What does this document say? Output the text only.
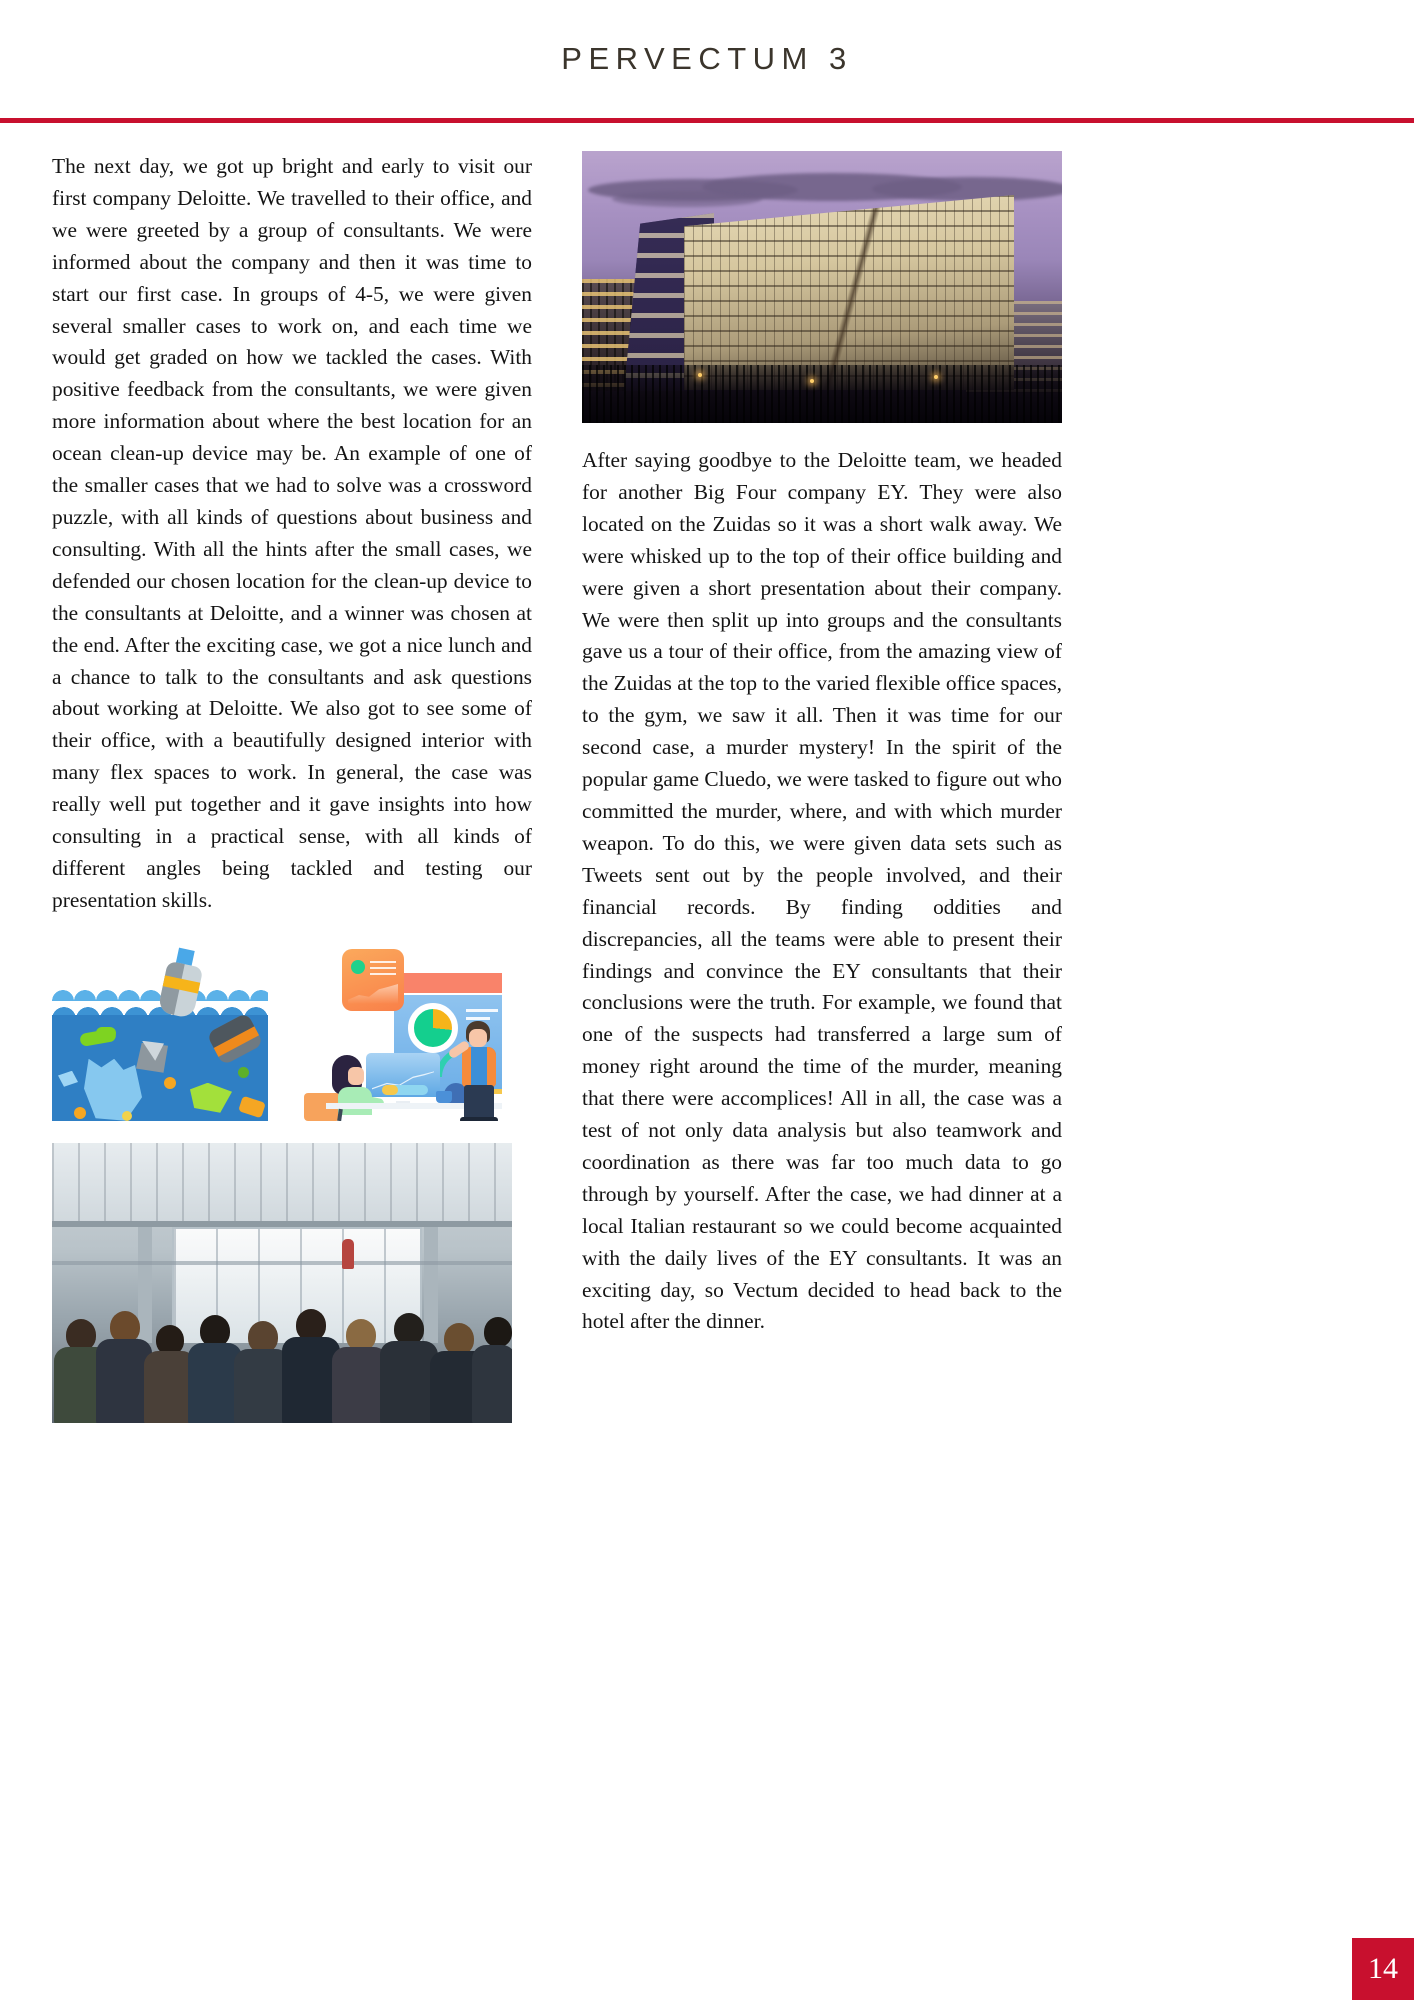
PERVECTUM 3

The next day, we got up bright and early to visit our first company Deloitte. We travelled to their office, and we were greeted by a group of consultants. We were informed about the company and then it was time to start our first case. In groups of 4-5, we were given several smaller cases to work on, and each time we would get graded on how we tackled the cases. With positive feedback from the consultants, we were given more information about where the best location for an ocean clean-up device may be. An example of one of the smaller cases that we had to solve was a crossword puzzle, with all kinds of questions about business and consulting. With all the hints after the small cases, we defended our chosen location for the clean-up device to the consultants at Deloitte, and a winner was chosen at the end. After the exciting case, we got a nice lunch and a chance to talk to the consultants and ask questions about working at Deloitte. We also got to see some of their office, with a beautifully designed interior with many flex spaces to work. In general, the case was really well put together and it gave insights into how consulting in a practical sense, with all kinds of different angles being tackled and testing our presentation skills.

After saying goodbye to the Deloitte team, we headed for another Big Four company EY. They were also located on the Zuidas so it was a short walk away. We were whisked up to the top of their office building and were given a short presentation about their company. We were then split up into groups and the consultants gave us a tour of their office, from the amazing view of the Zuidas at the top to the varied flexible office spaces, to the gym, we saw it all. Then it was time for our second case, a murder mystery! In the spirit of the popular game Cluedo, we were tasked to figure out who committed the murder, where, and with which murder weapon. To do this, we were given data sets such as Tweets sent out by the people involved, and their financial records. By finding oddities and discrepancies, all the teams were able to present their findings and convince the EY consultants that their conclusions were the truth. For example, we found that one of the suspects had transferred a large sum of money right around the time of the murder, meaning that there were accomplices! All in all, the case was a test of not only data analysis but also teamwork and coordination as there was far too much data to go through by yourself. After the case, we had dinner at a local Italian restaurant so we could become acquainted with the daily lives of the EY consultants. It was an exciting day, so Vectum decided to head back to the hotel after the dinner.

14
